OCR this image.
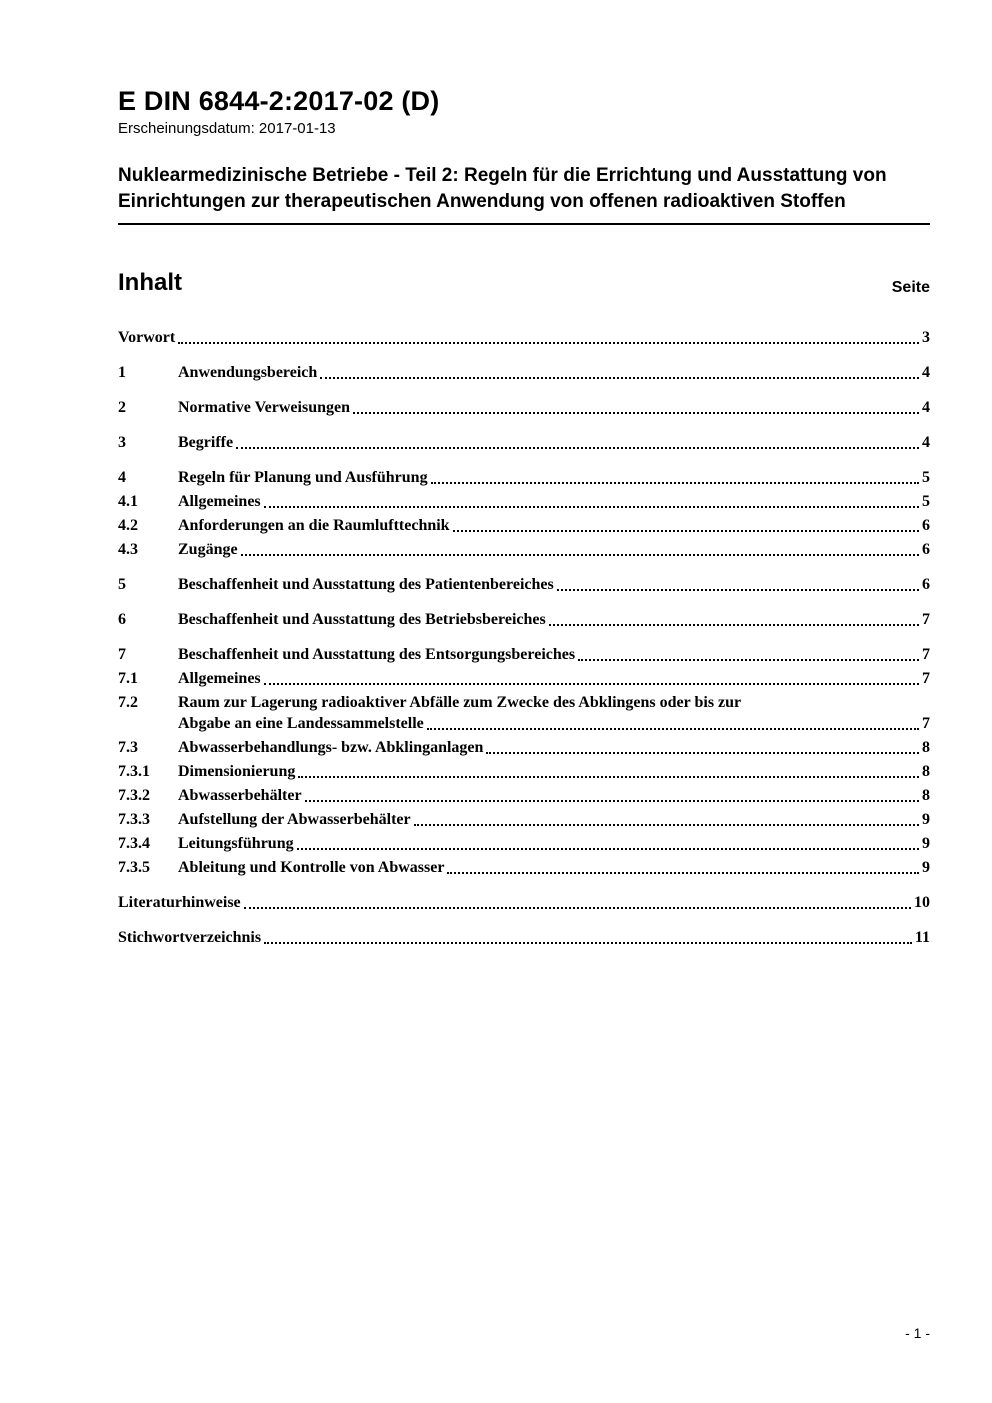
E DIN 6844-2:2017-02 (D)
Erscheinungsdatum: 2017-01-13
Nuklearmedizinische Betriebe - Teil 2: Regeln für die Errichtung und Ausstattung von Einrichtungen zur therapeutischen Anwendung von offenen radioaktiven Stoffen
Inhalt	Seite
Vorwort	3
1	Anwendungsbereich	4
2	Normative Verweisungen	4
3	Begriffe	4
4	Regeln für Planung und Ausführung	5
4.1	Allgemeines	5
4.2	Anforderungen an die Raumlufttechnik	6
4.3	Zugänge	6
5	Beschaffenheit und Ausstattung des Patientenbereiches	6
6	Beschaffenheit und Ausstattung des Betriebsbereiches	7
7	Beschaffenheit und Ausstattung des Entsorgungsbereiches	7
7.1	Allgemeines	7
7.2	Raum zur Lagerung radioaktiver Abfälle zum Zwecke des Abklingens oder bis zur
Abgabe an eine Landessammelstelle	7
7.3	Abwasserbehandlungs- bzw. Abklinganlagen	8
7.3.1	Dimensionierung	8
7.3.2	Abwasserbehälter	8
7.3.3	Aufstellung der Abwasserbehälter	9
7.3.4	Leitungsführung	9
7.3.5	Ableitung und Kontrolle von Abwasser	9
Literaturhinweise	10
Stichwortverzeichnis	11
- 1 -
